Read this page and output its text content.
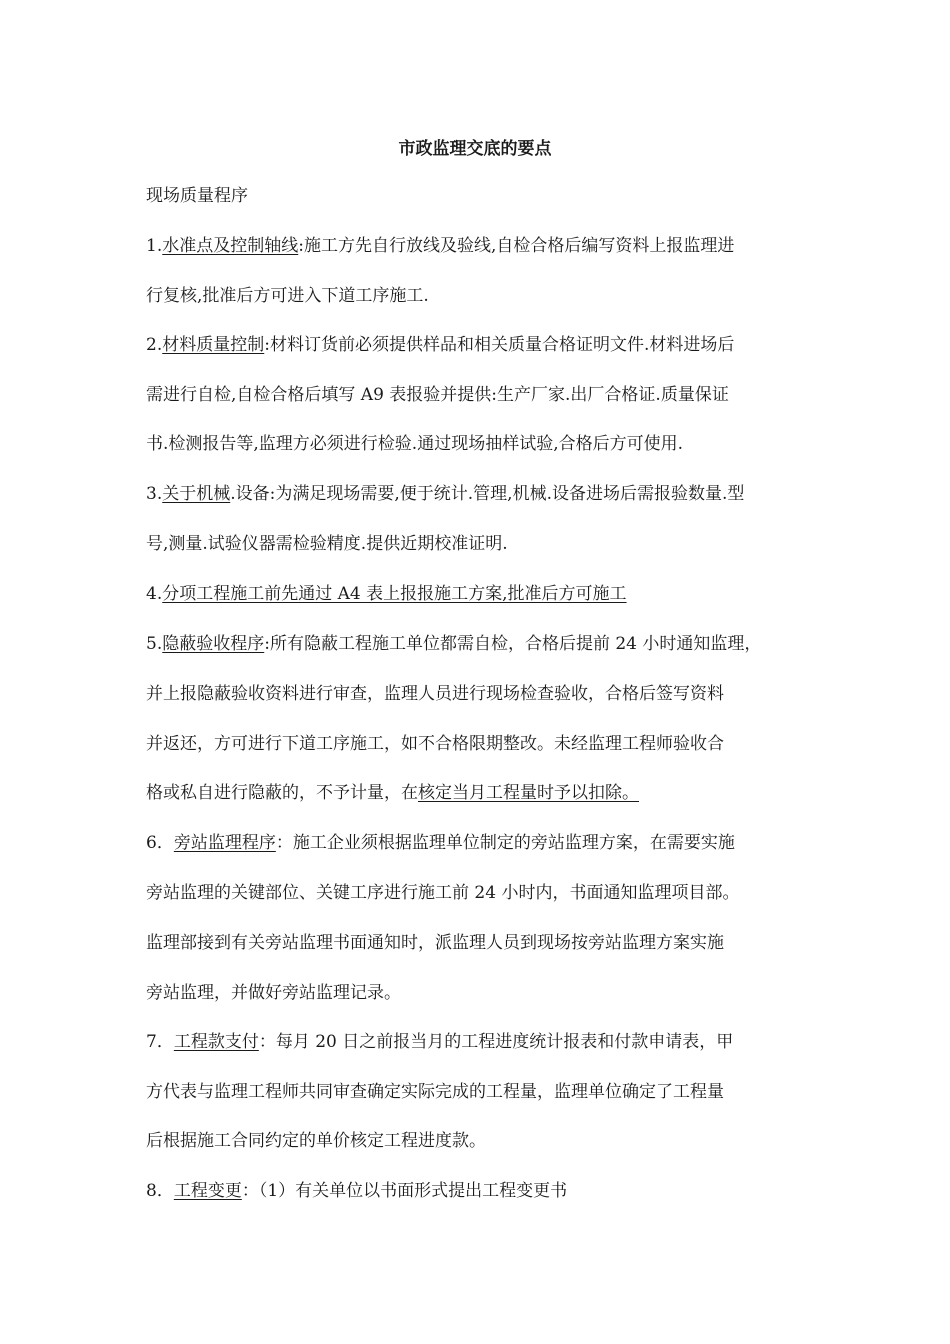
市政监理交底的要点

现场质量程序

1.水准点及控制轴线:施工方先自行放线及验线,自检合格后编写资料上报监理进

行复核,批准后方可进入下道工序施工.

2.材料质量控制:材料订货前必须提供样品和相关质量合格证明文件.材料进场后

需进行自检,自检合格后填写 A9 表报验并提供:生产厂家.出厂合格证.质量保证

书.检测报告等,监理方必须进行检验.通过现场抽样试验,合格后方可使用.

3.关于机械.设备:为满足现场需要,便于统计.管理,机械.设备进场后需报验数量.型

号,测量.试验仪器需检验精度.提供近期校准证明.

4.分项工程施工前先通过 A4 表上报报施工方案,批准后方可施工

5.隐蔽验收程序:所有隐蔽工程施工单位都需自检，合格后提前 24 小时通知监理，

并上报隐蔽验收资料进行审查，监理人员进行现场检查验收，合格后签写资料

并返还，方可进行下道工序施工，如不合格限期整改。未经监理工程师验收合

格或私自进行隐蔽的，不予计量，在核定当月工程量时予以扣除。

6．旁站监理程序：施工企业须根据监理单位制定的旁站监理方案，在需要实施

旁站监理的关键部位、关键工序进行施工前 24 小时内，书面通知监理项目部。

监理部接到有关旁站监理书面通知时，派监理人员到现场按旁站监理方案实施

旁站监理，并做好旁站监理记录。

7．工程款支付：每月 20 日之前报当月的工程进度统计报表和付款申请表，甲

方代表与监理工程师共同审查确定实际完成的工程量，监理单位确定了工程量

后根据施工合同约定的单价核定工程进度款。

8．工程变更：（1）有关单位以书面形式提出工程变更书
